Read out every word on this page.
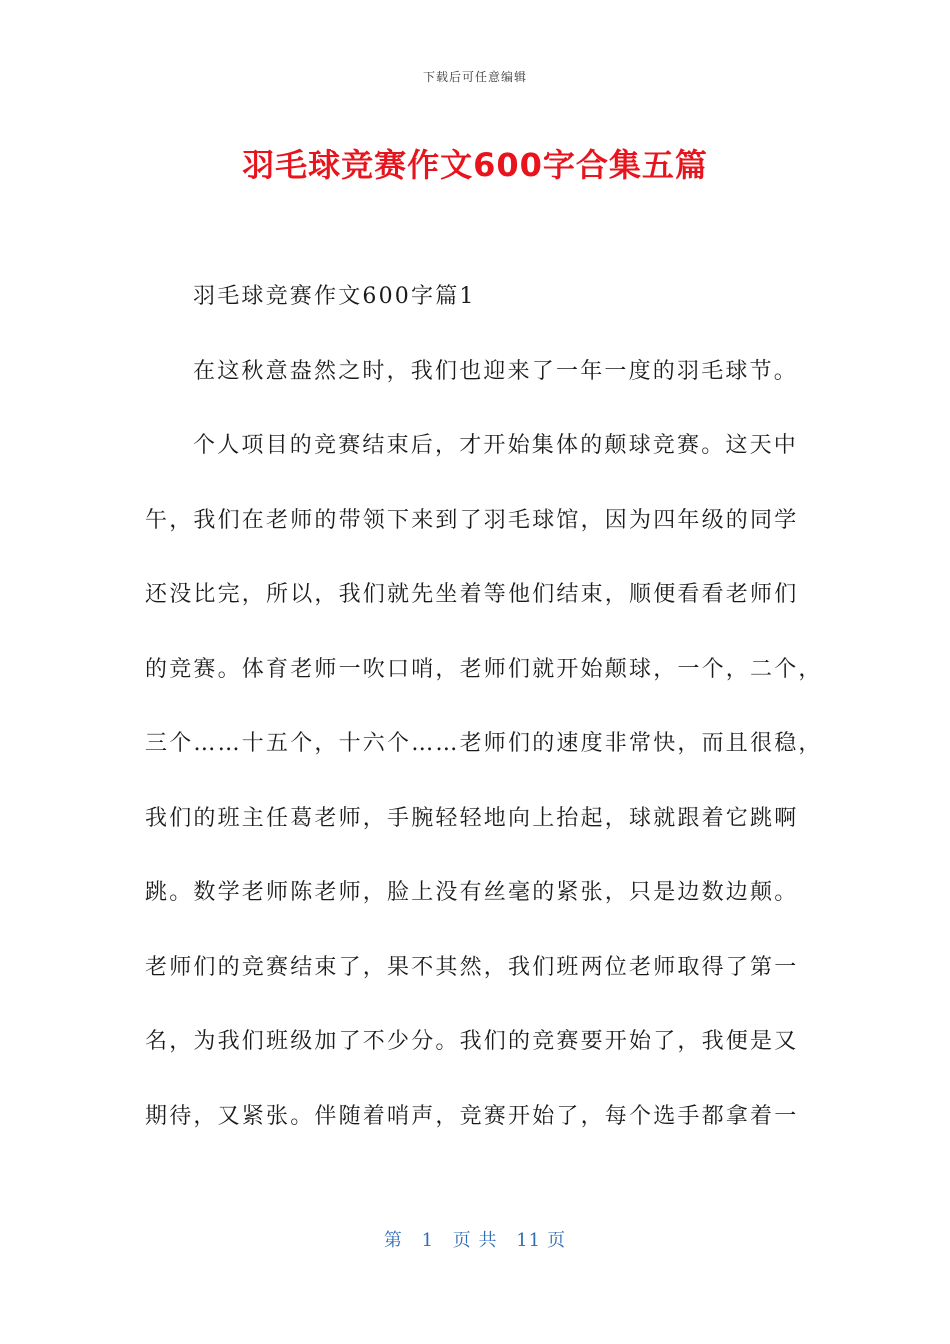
下载后可任意编辑
羽毛球竞赛作文600字合集五篇
羽毛球竞赛作文600字篇1
在这秋意盎然之时，我们也迎来了一年一度的羽毛球节。
个人项目的竞赛结束后，才开始集体的颠球竞赛。这天中
午，我们在老师的带领下来到了羽毛球馆，因为四年级的同学
还没比完，所以，我们就先坐着等他们结束，顺便看看老师们
的竞赛。体育老师一吹口哨，老师们就开始颠球，一个，二个，
三个……十五个，十六个……老师们的速度非常快，而且很稳，
我们的班主任葛老师，手腕轻轻地向上抬起，球就跟着它跳啊
跳。数学老师陈老师，脸上没有丝毫的紧张，只是边数边颠。
老师们的竞赛结束了，果不其然，我们班两位老师取得了第一
名，为我们班级加了不少分。我们的竞赛要开始了，我便是又
期待，又紧张。伴随着哨声，竞赛开始了，每个选手都拿着一
第 1 页 共 11 页
